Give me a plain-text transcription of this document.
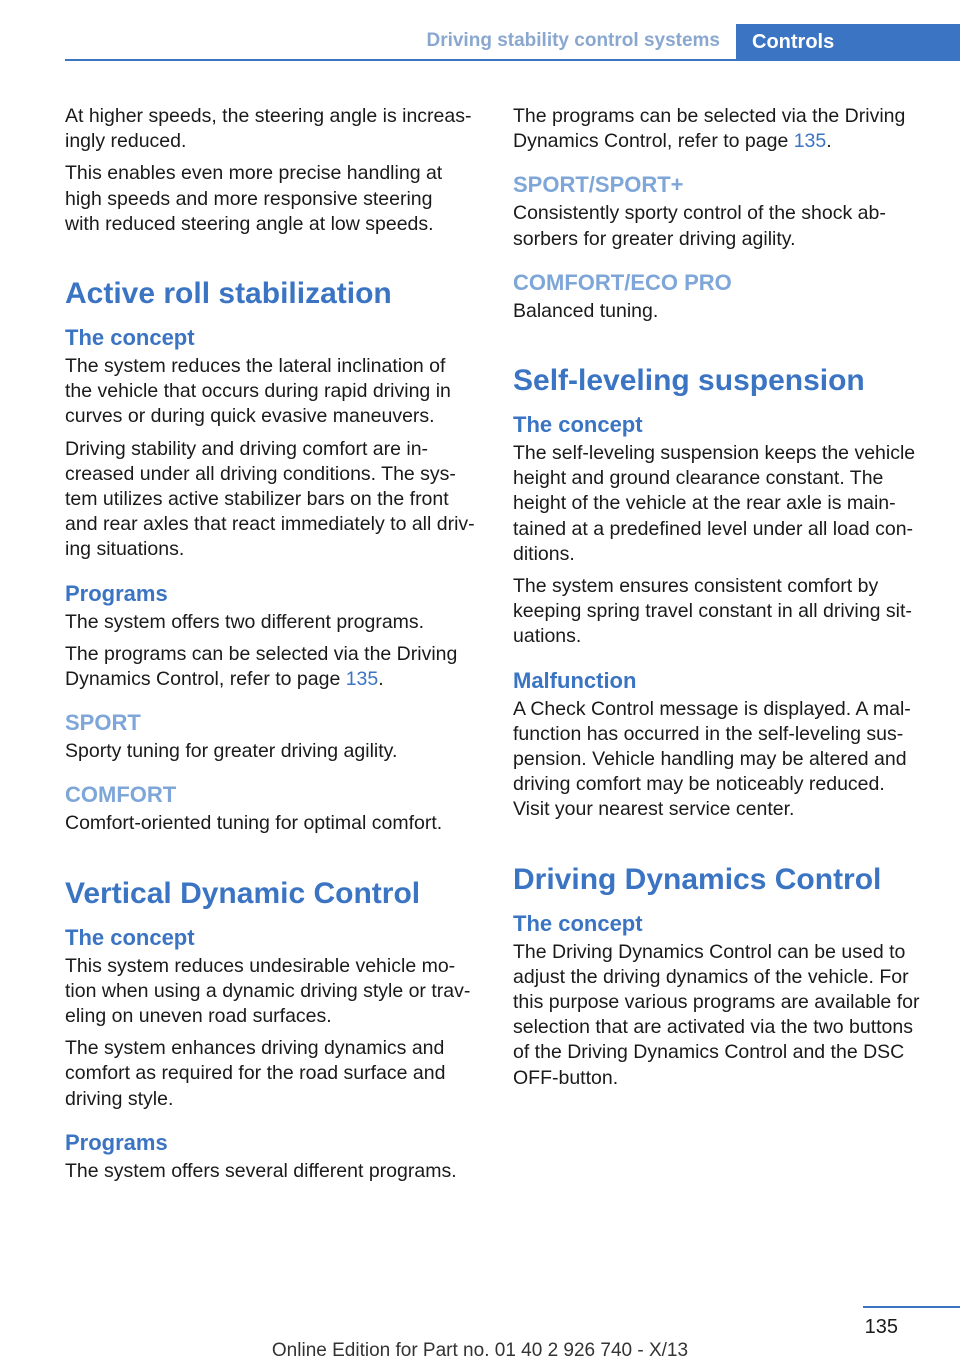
Driving stability control systems	Controls

At higher speeds, the steering angle is increas-
ingly reduced.

This enables even more precise handling at
high speeds and more responsive steering
with reduced steering angle at low speeds.

Active roll stabilization
The concept

The system reduces the lateral inclination of
the vehicle that occurs during rapid driving in
curves or during quick evasive maneuvers.

Driving stability and driving comfort are in-
creased under all driving conditions. The sys-
tem utilizes active stabilizer bars on the front
and rear axles that react immediately to all driv-
ing situations.

Programs

The system offers two different programs.

The programs can be selected via the Driving
Dynamics Control, refer to page 135.

SPORT

Sporty tuning for greater driving agility.

COMFORT

Comfort-oriented tuning for optimal comfort.

Vertical Dynamic Control
The concept

This system reduces undesirable vehicle mo-
tion when using a dynamic driving style or trav-
eling on uneven road surfaces.

The system enhances driving dynamics and
comfort as required for the road surface and
driving style.

Programs

The system offers several different programs.

The programs can be selected via the Driving
Dynamics Control, refer to page 135.

SPORT/SPORT+

Consistently sporty control of the shock ab-
sorbers for greater driving agility.

COMFORT/ECO PRO

Balanced tuning.

Self-leveling suspension
The concept

The self-leveling suspension keeps the vehicle
height and ground clearance constant. The
height of the vehicle at the rear axle is main-
tained at a predefined level under all load con-
ditions.

The system ensures consistent comfort by
keeping spring travel constant in all driving sit-
uations.

Malfunction

A Check Control message is displayed. A mal-
function has occurred in the self-leveling sus-
pension. Vehicle handling may be altered and
driving comfort may be noticeably reduced.
Visit your nearest service center.

Driving Dynamics Control
The concept

The Driving Dynamics Control can be used to
adjust the driving dynamics of the vehicle. For
this purpose various programs are available for
selection that are activated via the two buttons
of the Driving Dynamics Control and the DSC
OFF-button.

135
Online Edition for Part no. 01 40 2 926 740 - X/13
